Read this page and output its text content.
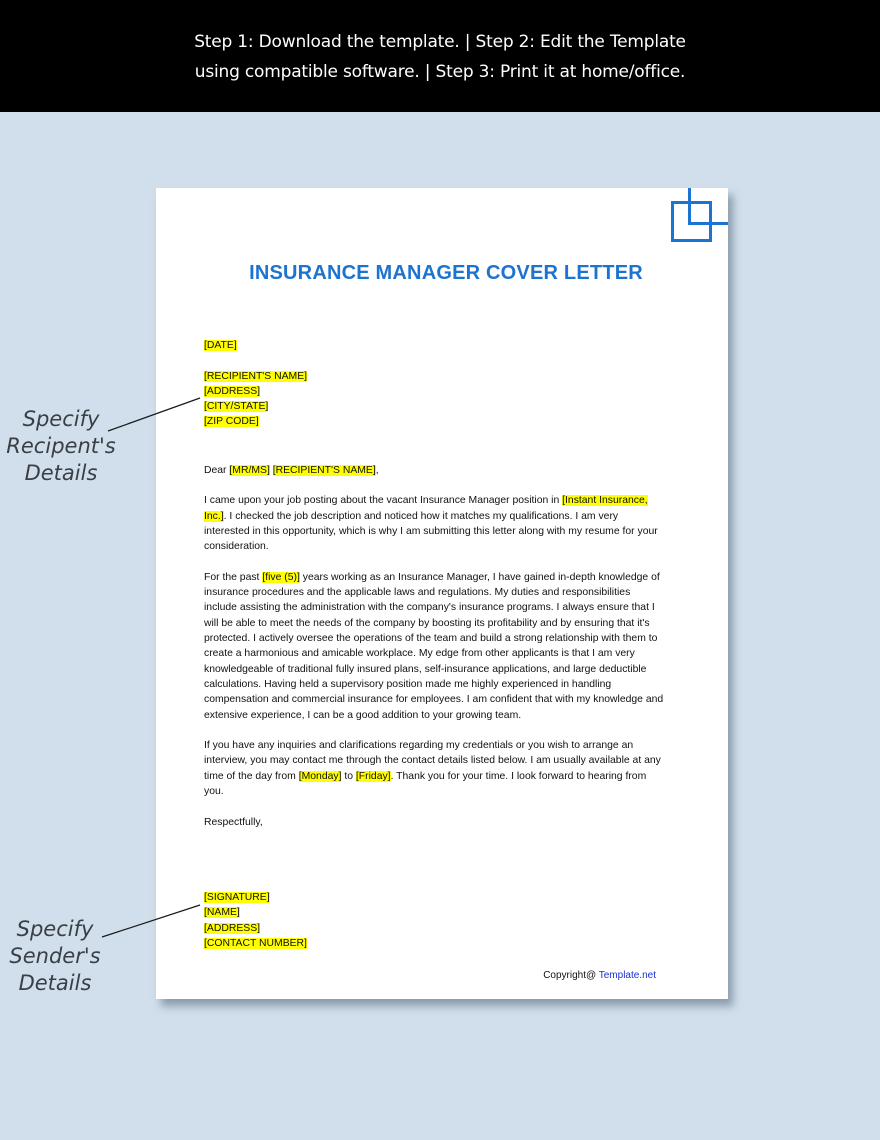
Step 1: Download the template. | Step 2: Edit the Template
using compatible software. | Step 3: Print it at home/office.
INSURANCE MANAGER COVER LETTER
[DATE]
[RECIPIENT'S NAME]
[ADDRESS]
[CITY/STATE]
[ZIP CODE]
Dear [MR/MS] [RECIPIENT'S NAME],

I came upon your job posting about the vacant Insurance Manager position in [Instant Insurance, Inc.]. I checked the job description and noticed how it matches my qualifications. I am very interested in this opportunity, which is why I am submitting this letter along with my resume for your consideration.

For the past [five (5)] years working as an Insurance Manager, I have gained in-depth knowledge of insurance procedures and the applicable laws and regulations. My duties and responsibilities include assisting the administration with the company's insurance programs. I always ensure that I will be able to meet the needs of the company by boosting its profitability and by ensuring that it's protected. I actively oversee the operations of the team and build a strong relationship with them to create a harmonious and amicable workplace. My edge from other applicants is that I am very knowledgeable of traditional fully insured plans, self-insurance applications, and large deductible calculations. Having held a supervisory position made me highly experienced in handling compensation and commercial insurance for employees. I am confident that with my knowledge and extensive experience, I can be a good addition to your growing team.

If you have any inquiries and clarifications regarding my credentials or you wish to arrange an interview, you may contact me through the contact details listed below. I am usually available at any time of the day from [Monday] to [Friday]. Thank you for your time. I look forward to hearing from you.

Respectfully,
[SIGNATURE]
[NAME]
[ADDRESS]
[CONTACT NUMBER]
Copyright@ Template.net
Specify
Recipent's
Details
Specify
Sender's
Details
